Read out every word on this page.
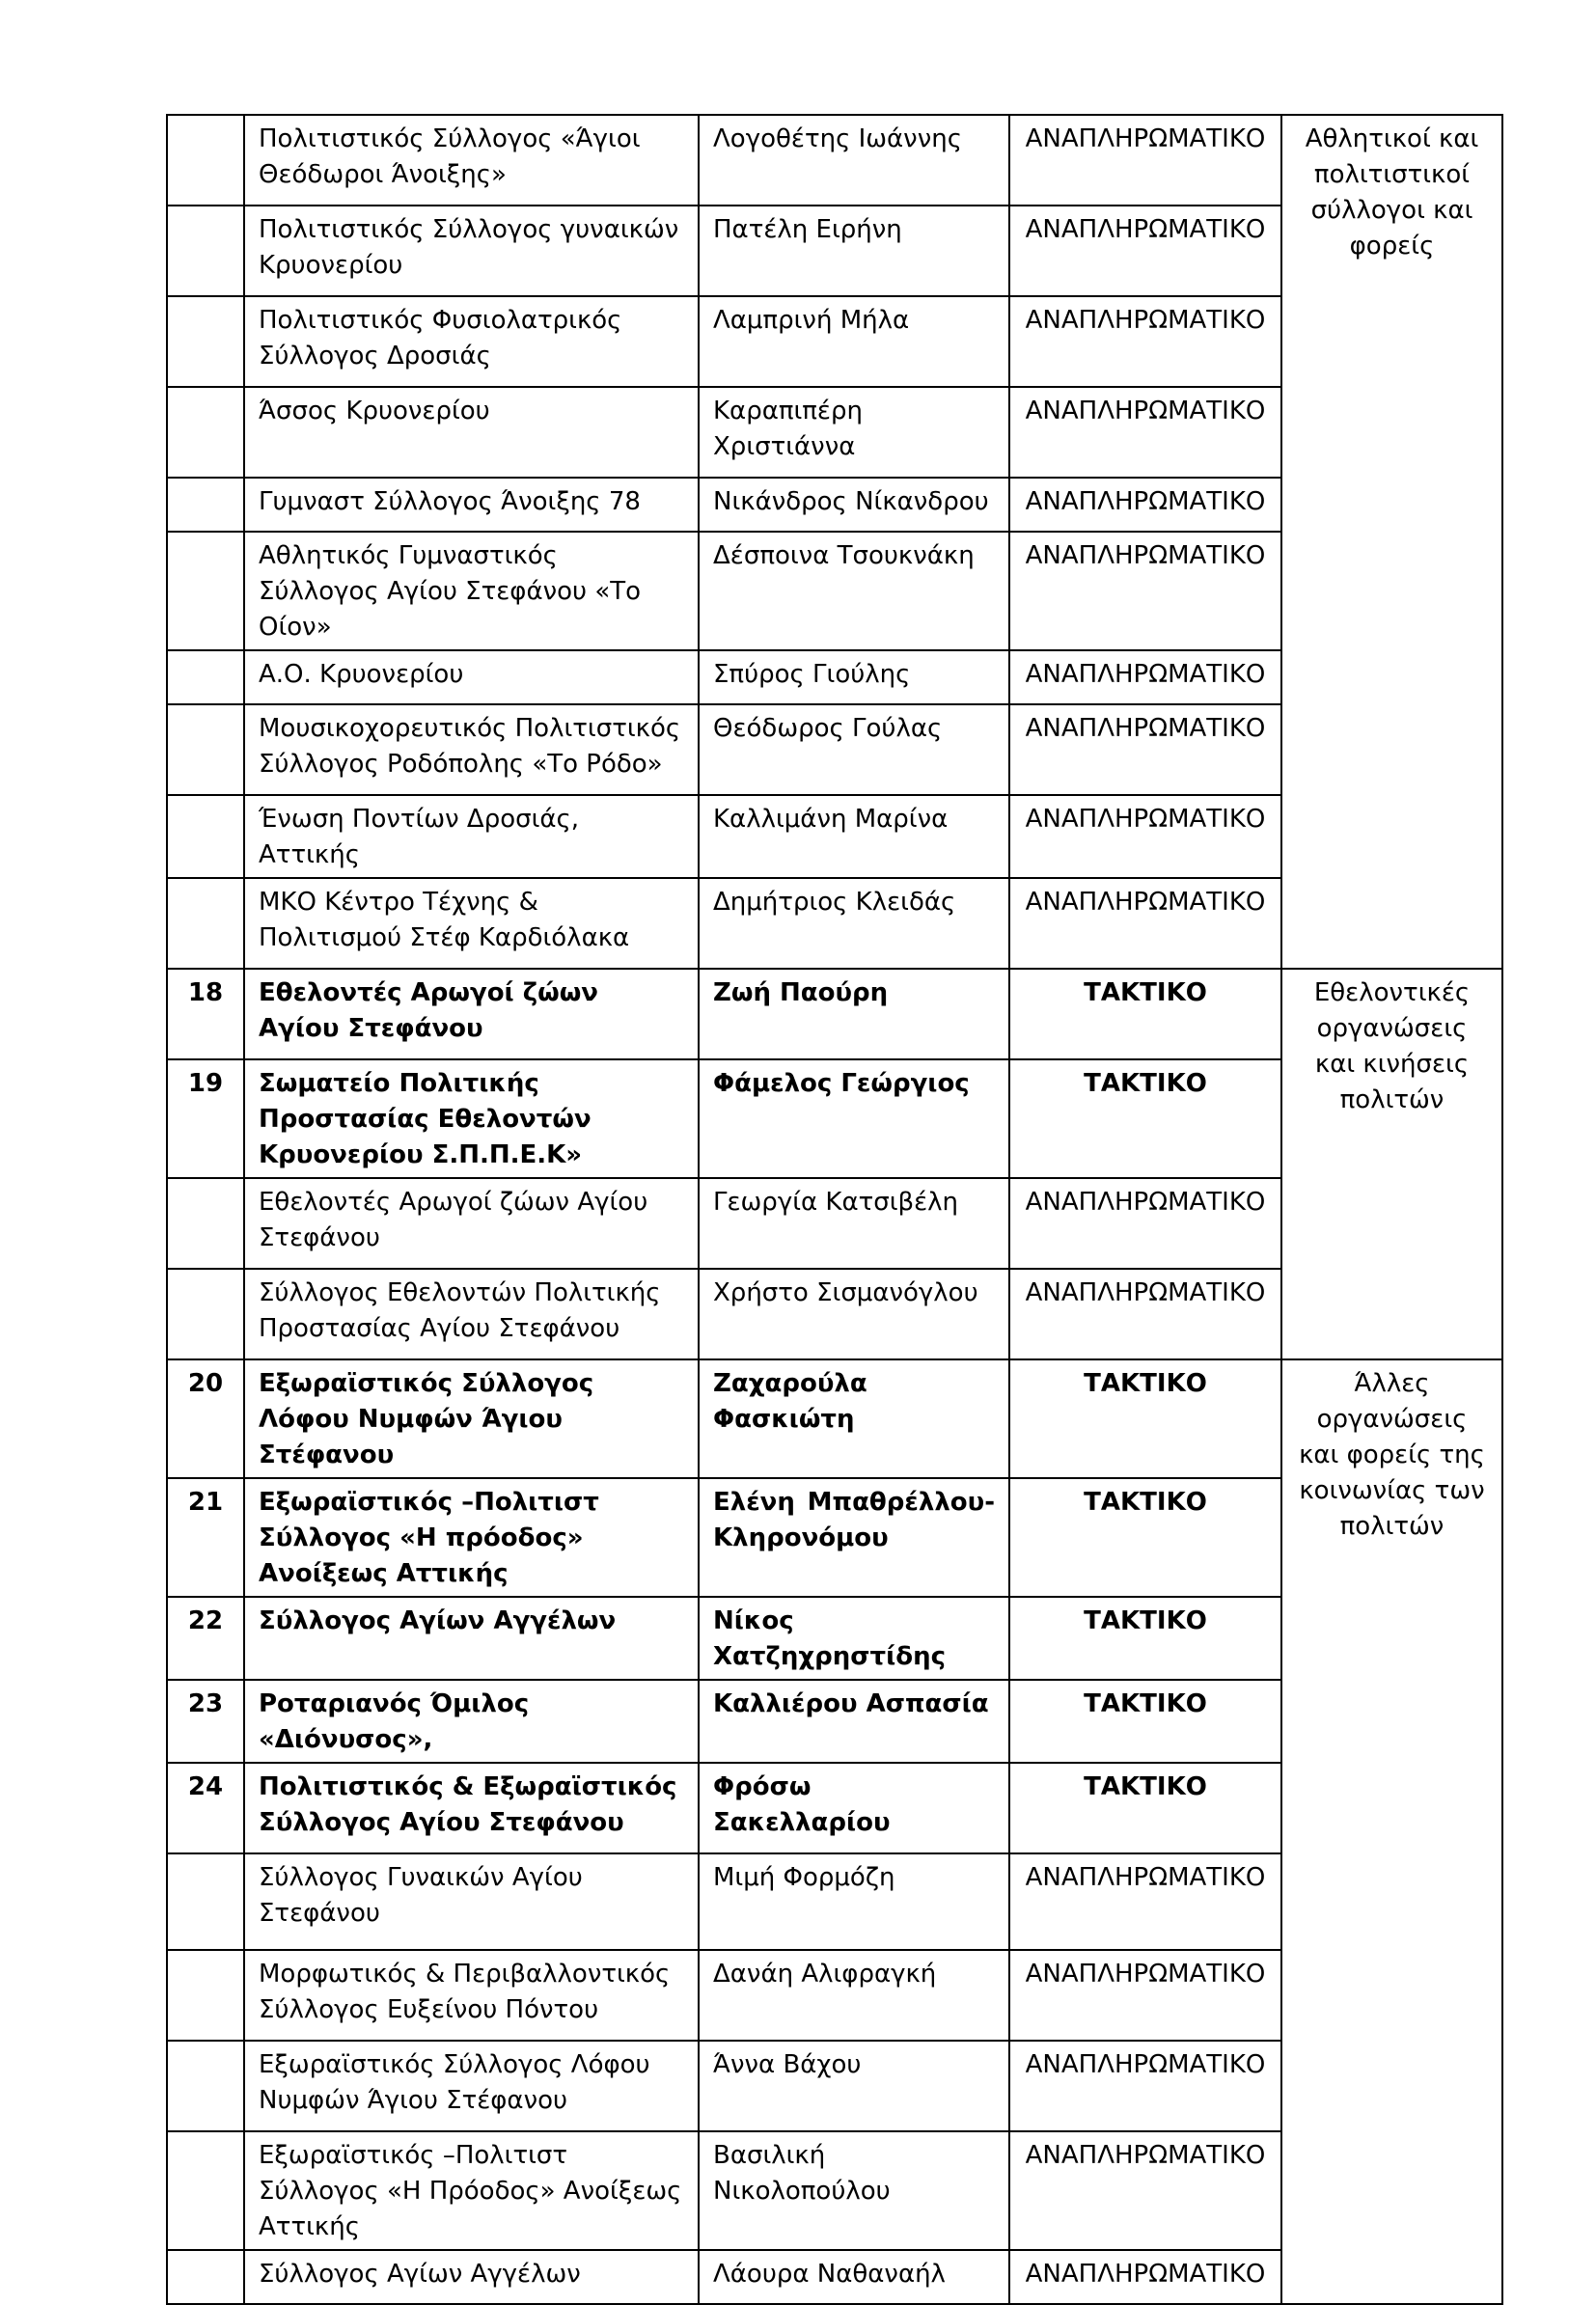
	Πολιτιστικός Σύλλογος «Άγιοι Θεόδωροι Άνοιξης»	Λογοθέτης Ιωάννης	ΑΝΑΠΛΗΡΩΜΑΤΙΚΟ	Αθλητικοί και πολιτιστικοί σύλλογοι και φορείς
	Πολιτιστικός Σύλλογος γυναικών Κρυονερίου	Πατέλη Ειρήνη	ΑΝΑΠΛΗΡΩΜΑΤΙΚΟ	
	Πολιτιστικός Φυσιολατρικός Σύλλογος Δροσιάς	Λαμπρινή Μήλα	ΑΝΑΠΛΗΡΩΜΑΤΙΚΟ	
	Άσσος Κρυονερίου	Καραπιπέρη Χριστιάννα	ΑΝΑΠΛΗΡΩΜΑΤΙΚΟ	
	Γυμναστ Σύλλογος Άνοιξης 78	Νικάνδρος Νίκανδρου	ΑΝΑΠΛΗΡΩΜΑΤΙΚΟ	
	Αθλητικός Γυμναστικός Σύλλογος Αγίου Στεφάνου «Το Οίον»	Δέσποινα Τσουκνάκη	ΑΝΑΠΛΗΡΩΜΑΤΙΚΟ	
	Α.Ο. Κρυονερίου	Σπύρος Γιούλης	ΑΝΑΠΛΗΡΩΜΑΤΙΚΟ	
	Μουσικοχορευτικός Πολιτιστικός Σύλλογος Ροδόπολης «Το Ρόδο»	Θεόδωρος Γούλας	ΑΝΑΠΛΗΡΩΜΑΤΙΚΟ	
	Ένωση Ποντίων Δροσιάς, Αττικής	Καλλιμάνη Μαρίνα	ΑΝΑΠΛΗΡΩΜΑΤΙΚΟ	
	ΜΚΟ Κέντρο Τέχνης & Πολιτισμού Στέφ Καρδιόλακα	Δημήτριος Κλειδάς	ΑΝΑΠΛΗΡΩΜΑΤΙΚΟ	
18	Εθελοντές Αρωγοί ζώων Αγίου Στεφάνου	Ζωή Παούρη	ΤΑΚΤΙΚΟ	Εθελοντικές οργανώσεις και κινήσεις πολιτών
19	Σωματείο Πολιτικής Προστασίας Εθελοντών Κρυονερίου Σ.Π.Π.Ε.Κ»	Φάμελος Γεώργιος	ΤΑΚΤΙΚΟ	
	Εθελοντές Αρωγοί ζώων Αγίου Στεφάνου	Γεωργία Κατσιβέλη	ΑΝΑΠΛΗΡΩΜΑΤΙΚΟ	
	Σύλλογος Εθελοντών Πολιτικής Προστασίας Αγίου Στεφάνου	Χρήστο Σισμανόγλου	ΑΝΑΠΛΗΡΩΜΑΤΙΚΟ	
20	Εξωραϊστικός Σύλλογος Λόφου Νυμφών Άγιου Στέφανου	Ζαχαρούλα Φασκιώτη	ΤΑΚΤΙΚΟ	Άλλες οργανώσεις και φορείς της κοινωνίας των πολιτών
21	Εξωραϊστικός –Πολιτιστ Σύλλογος «Η πρόοδος» Ανοίξεως Αττικής	Ελένη Μπαθρέλλου-Κληρονόμου	ΤΑΚΤΙΚΟ	
22	Σύλλογος Αγίων Αγγέλων	Νίκος Χατζηχρηστίδης	ΤΑΚΤΙΚΟ	
23	Ροταριανός Όμιλος «Διόνυσος»,	Καλλιέρου Ασπασία	ΤΑΚΤΙΚΟ	
24	Πολιτιστικός & Εξωραϊστικός Σύλλογος Αγίου Στεφάνου	Φρόσω Σακελλαρίου	ΤΑΚΤΙΚΟ	
	Σύλλογος Γυναικών Αγίου Στεφάνου	Μιμή Φορμόζη	ΑΝΑΠΛΗΡΩΜΑΤΙΚΟ	
	Μορφωτικός & Περιβαλλοντικός Σύλλογος Ευξείνου Πόντου	Δανάη Αλιφραγκή	ΑΝΑΠΛΗΡΩΜΑΤΙΚΟ	
	Εξωραϊστικός Σύλλογος Λόφου Νυμφών Άγιου Στέφανου	Άννα Βάχου	ΑΝΑΠΛΗΡΩΜΑΤΙΚΟ	
	Εξωραϊστικός –Πολιτιστ Σύλλογος «Η Πρόοδος» Ανοίξεως Αττικής	Βασιλική Νικολοπούλου	ΑΝΑΠΛΗΡΩΜΑΤΙΚΟ	
	Σύλλογος Αγίων Αγγέλων	Λάουρα Ναθαναήλ	ΑΝΑΠΛΗΡΩΜΑΤΙΚΟ	
